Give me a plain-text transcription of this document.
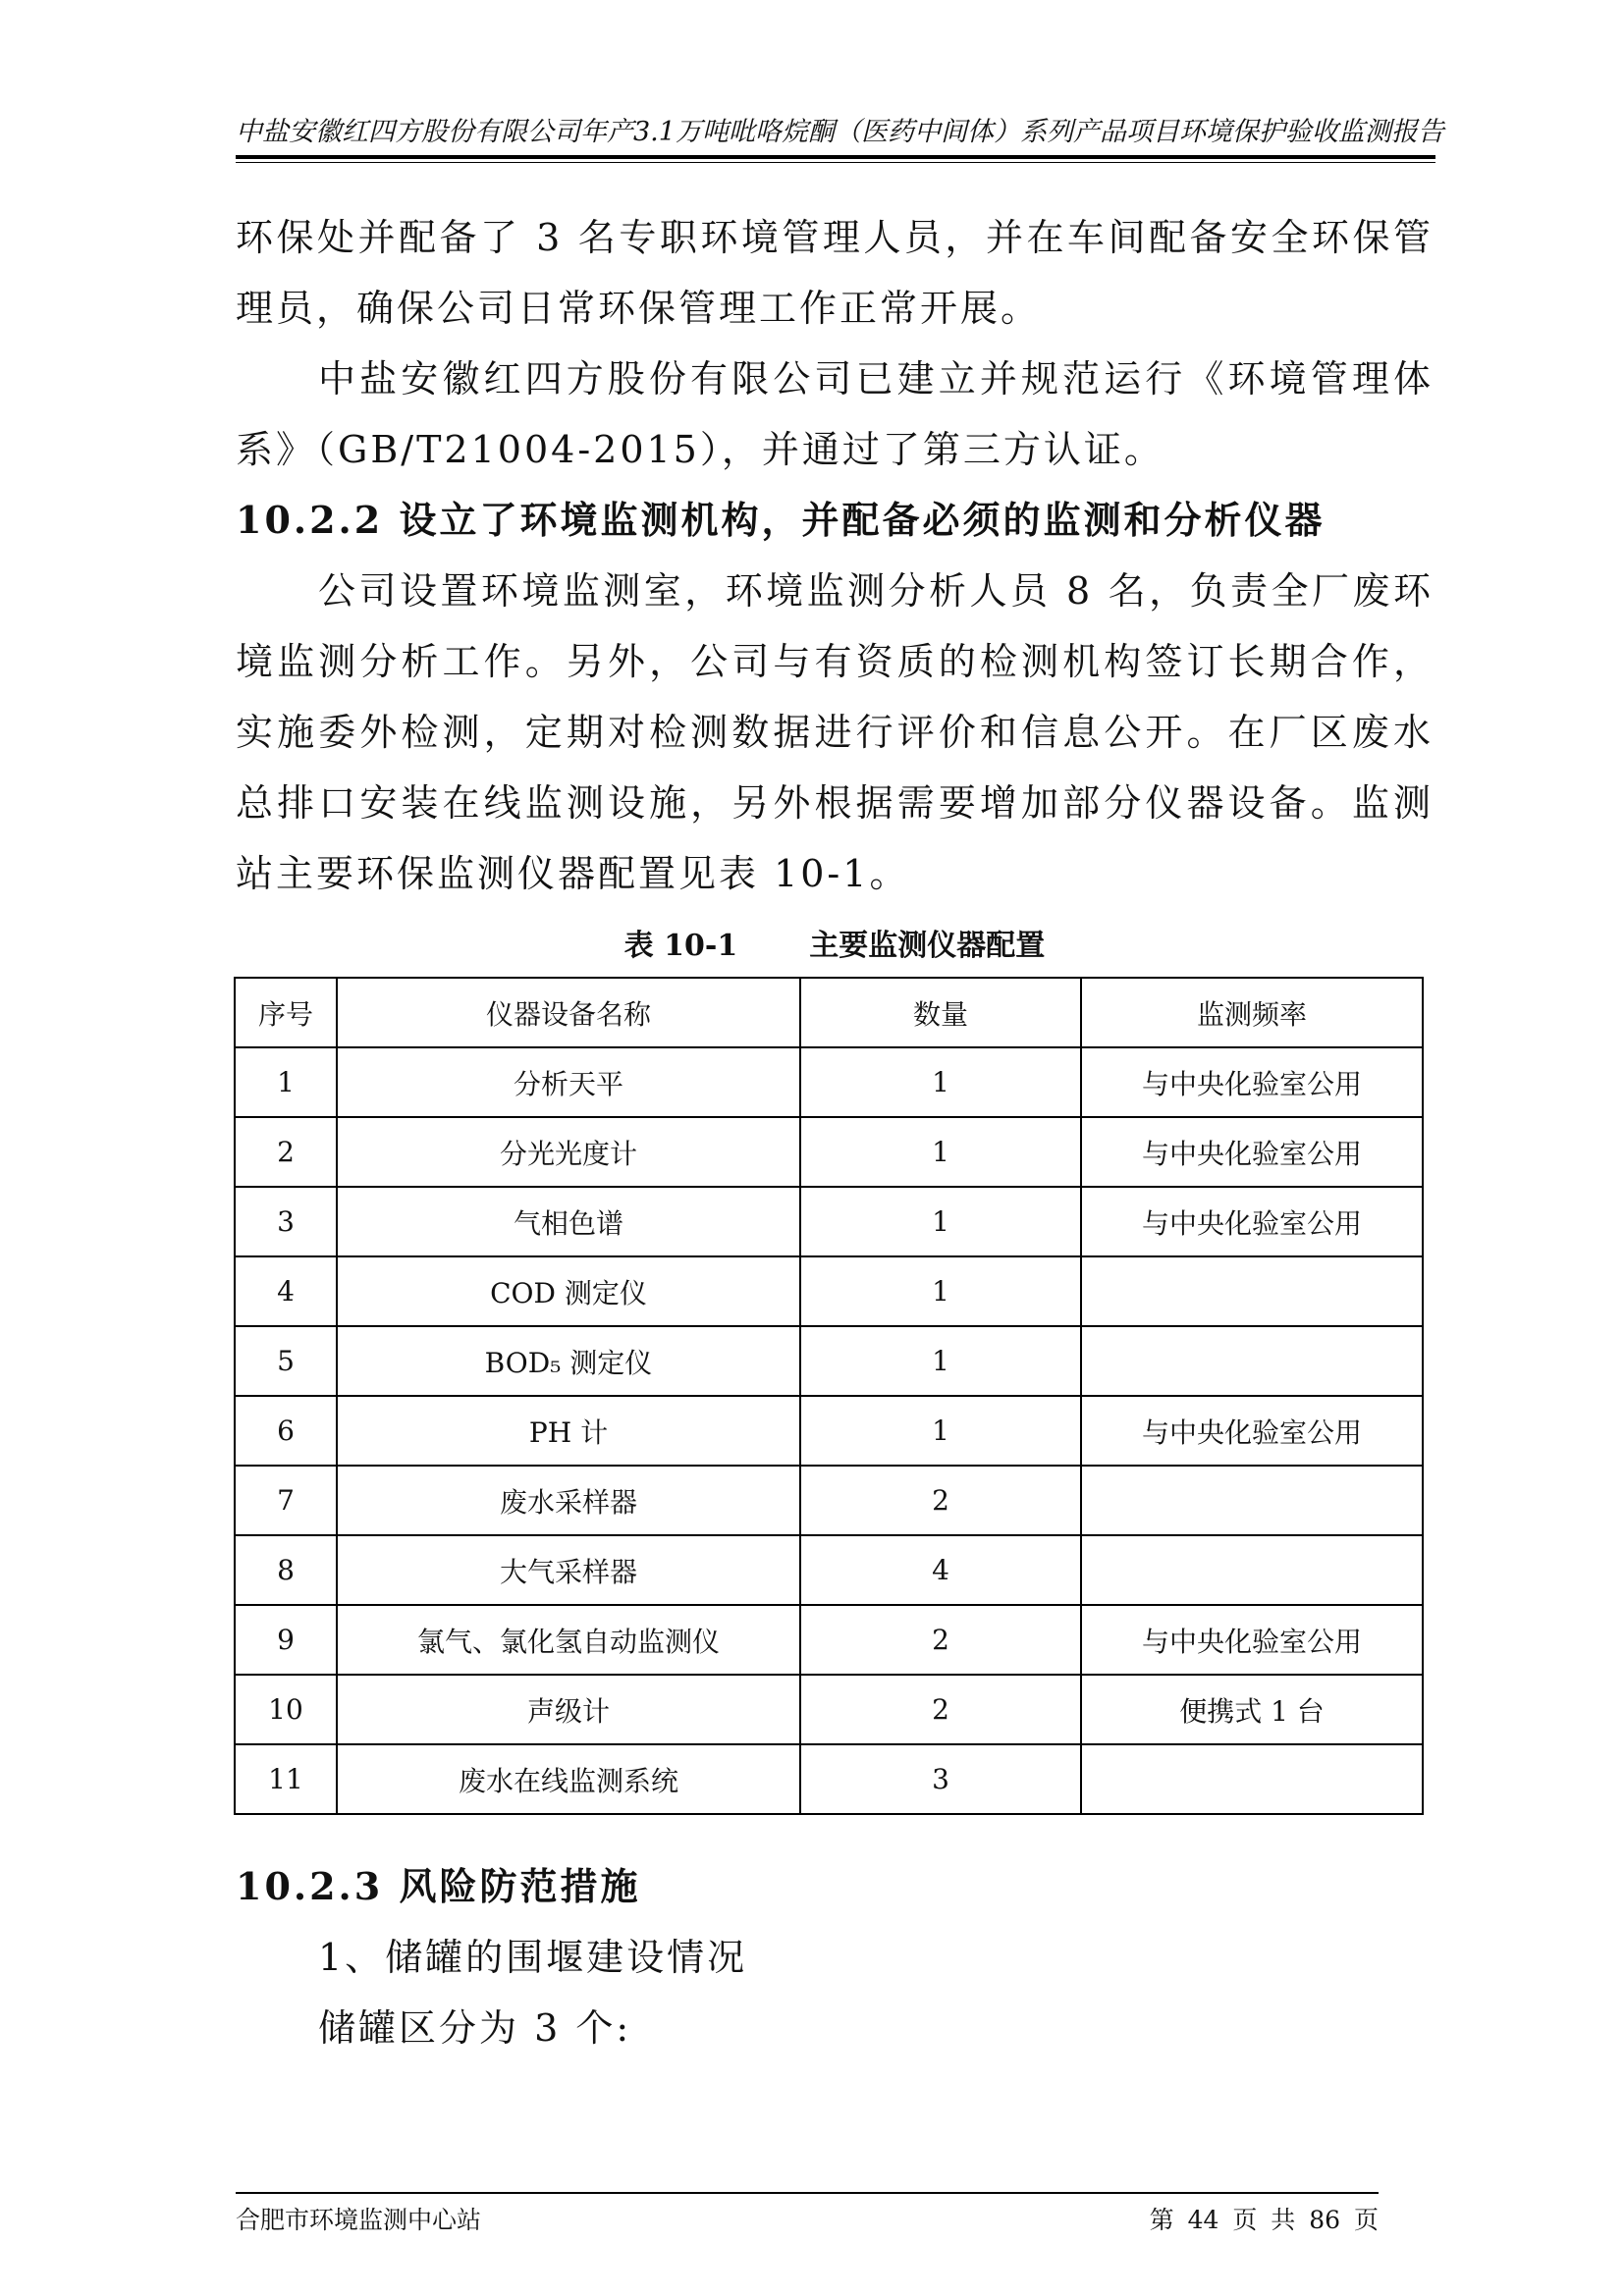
中盐安徽红四方股份有限公司年产3.1万吨吡咯烷酮（医药中间体）系列产品项目环境保护验收监测报告

环保处并配备了 3 名专职环境管理人员，并在车间配备安全环保管理员，确保公司日常环保管理工作正常开展。

中盐安徽红四方股份有限公司已建立并规范运行《环境管理体系》（GB/T21004-2015），并通过了第三方认证。

10.2.2 设立了环境监测机构，并配备必须的监测和分析仪器

公司设置环境监测室，环境监测分析人员 8 名，负责全厂废环境监测分析工作。另外，公司与有资质的检测机构签订长期合作，实施委外检测，定期对检测数据进行评价和信息公开。在厂区废水总排口安装在线监测设施，另外根据需要增加部分仪器设备。监测站主要环保监测仪器配置见表 10-1。

表 10-1       主要监测仪器配置
序号	仪器设备名称	数量	监测频率
1	分析天平	1	与中央化验室公用
2	分光光度计	1	与中央化验室公用
3	气相色谱	1	与中央化验室公用
4	COD 测定仪	1	
5	BOD₅ 测定仪	1	
6	PH 计	1	与中央化验室公用
7	废水采样器	2	
8	大气采样器	4	
9	氯气、氯化氢自动监测仪	2	与中央化验室公用
10	声级计	2	便携式 1 台
11	废水在线监测系统	3	
10.2.3 风险防范措施

1、储罐的围堰建设情况

储罐区分为 3 个:

合肥市环境监测中心站	第 44 页 共 86 页
